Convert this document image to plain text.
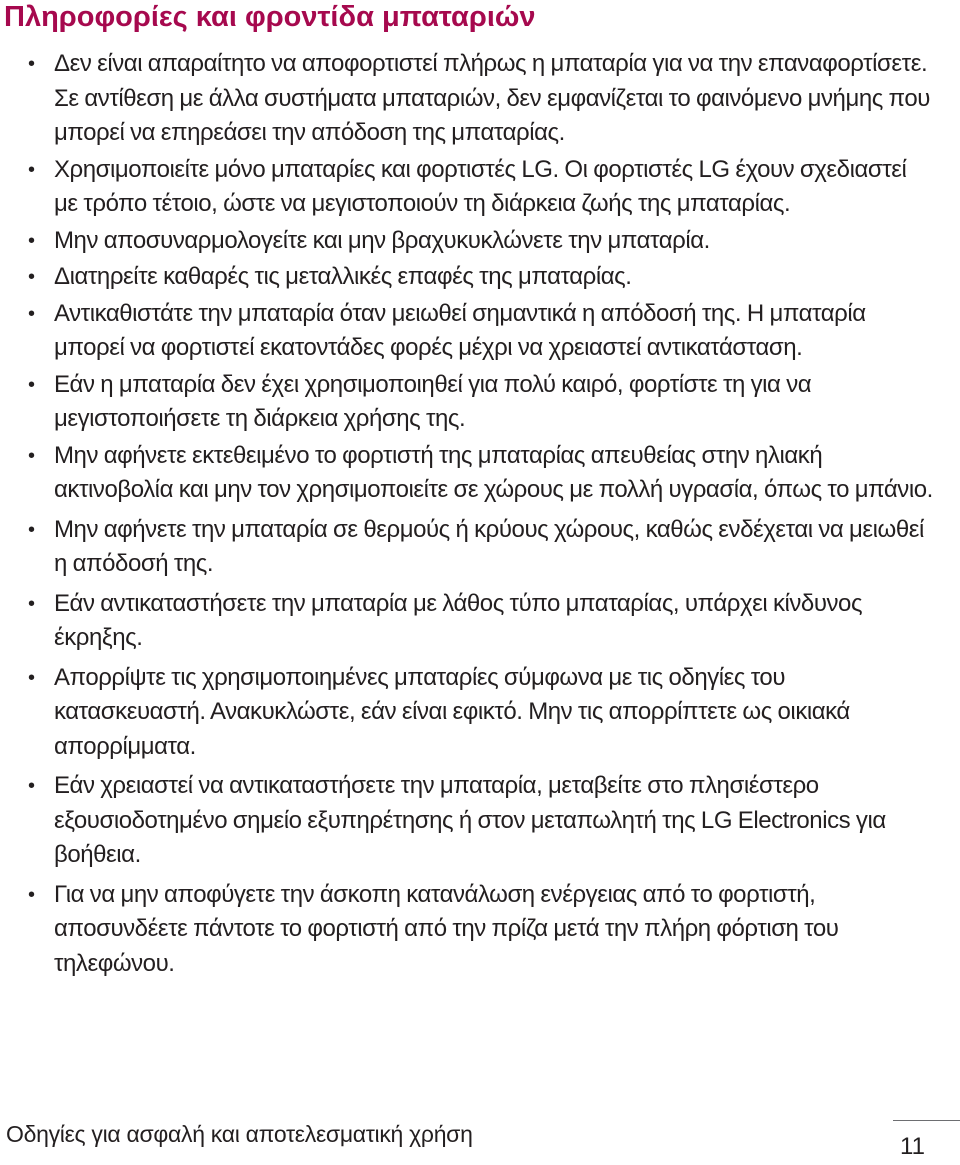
Πληροφορίες και φροντίδα μπαταριών
• Δεν είναι απαραίτητο να αποφορτιστεί πλήρως η μπαταρία για να την επαναφορτίσετε. Σε αντίθεση με άλλα συστήματα μπαταριών, δεν εμφανίζεται το φαινόμενο μνήμης που μπορεί να επηρεάσει την απόδοση της μπαταρίας.
• Χρησιμοποιείτε μόνο μπαταρίες και φορτιστές LG. Οι φορτιστές LG έχουν σχεδιαστεί με τρόπο τέτοιο, ώστε να μεγιστοποιούν τη διάρκεια ζωής της μπαταρίας.
• Μην αποσυναρμολογείτε και μην βραχυκυκλώνετε την μπαταρία.
• Διατηρείτε καθαρές τις μεταλλικές επαφές της μπαταρίας.
• Αντικαθιστάτε την μπαταρία όταν μειωθεί σημαντικά η απόδοσή της. Η μπαταρία μπορεί να φορτιστεί εκατοντάδες φορές μέχρι να χρειαστεί αντικατάσταση.
• Εάν η μπαταρία δεν έχει χρησιμοποιηθεί για πολύ καιρό, φορτίστε τη για να μεγιστοποιήσετε τη διάρκεια χρήσης της.
• Μην αφήνετε εκτεθειμένο το φορτιστή της μπαταρίας απευθείας στην ηλιακή ακτινοβολία και μην τον χρησιμοποιείτε σε χώρους με πολλή υγρασία, όπως το μπάνιο.
• Μην αφήνετε την μπαταρία σε θερμούς ή κρύους χώρους, καθώς ενδέχεται να μειωθεί η απόδοσή της.
• Εάν αντικαταστήσετε την μπαταρία με λάθος τύπο μπαταρίας, υπάρχει κίνδυνος έκρηξης.
• Απορρίψτε τις χρησιμοποιημένες μπαταρίες σύμφωνα με τις οδηγίες του κατασκευαστή. Ανακυκλώστε, εάν είναι εφικτό. Μην τις απορρίπτετε ως οικιακά απορρίμματα.
• Εάν χρειαστεί να αντικαταστήσετε την μπαταρία, μεταβείτε στο πλησιέστερο εξουσιοδοτημένο σημείο εξυπηρέτησης ή στον μεταπωλητή της LG Electronics για βοήθεια.
• Για να μην αποφύγετε την άσκοπη κατανάλωση ενέργειας από το φορτιστή, αποσυνδέετε πάντοτε το φορτιστή από την πρίζα μετά την πλήρη φόρτιση του τηλεφώνου.
Οδηγίες για ασφαλή και αποτελεσματική χρήση	11
